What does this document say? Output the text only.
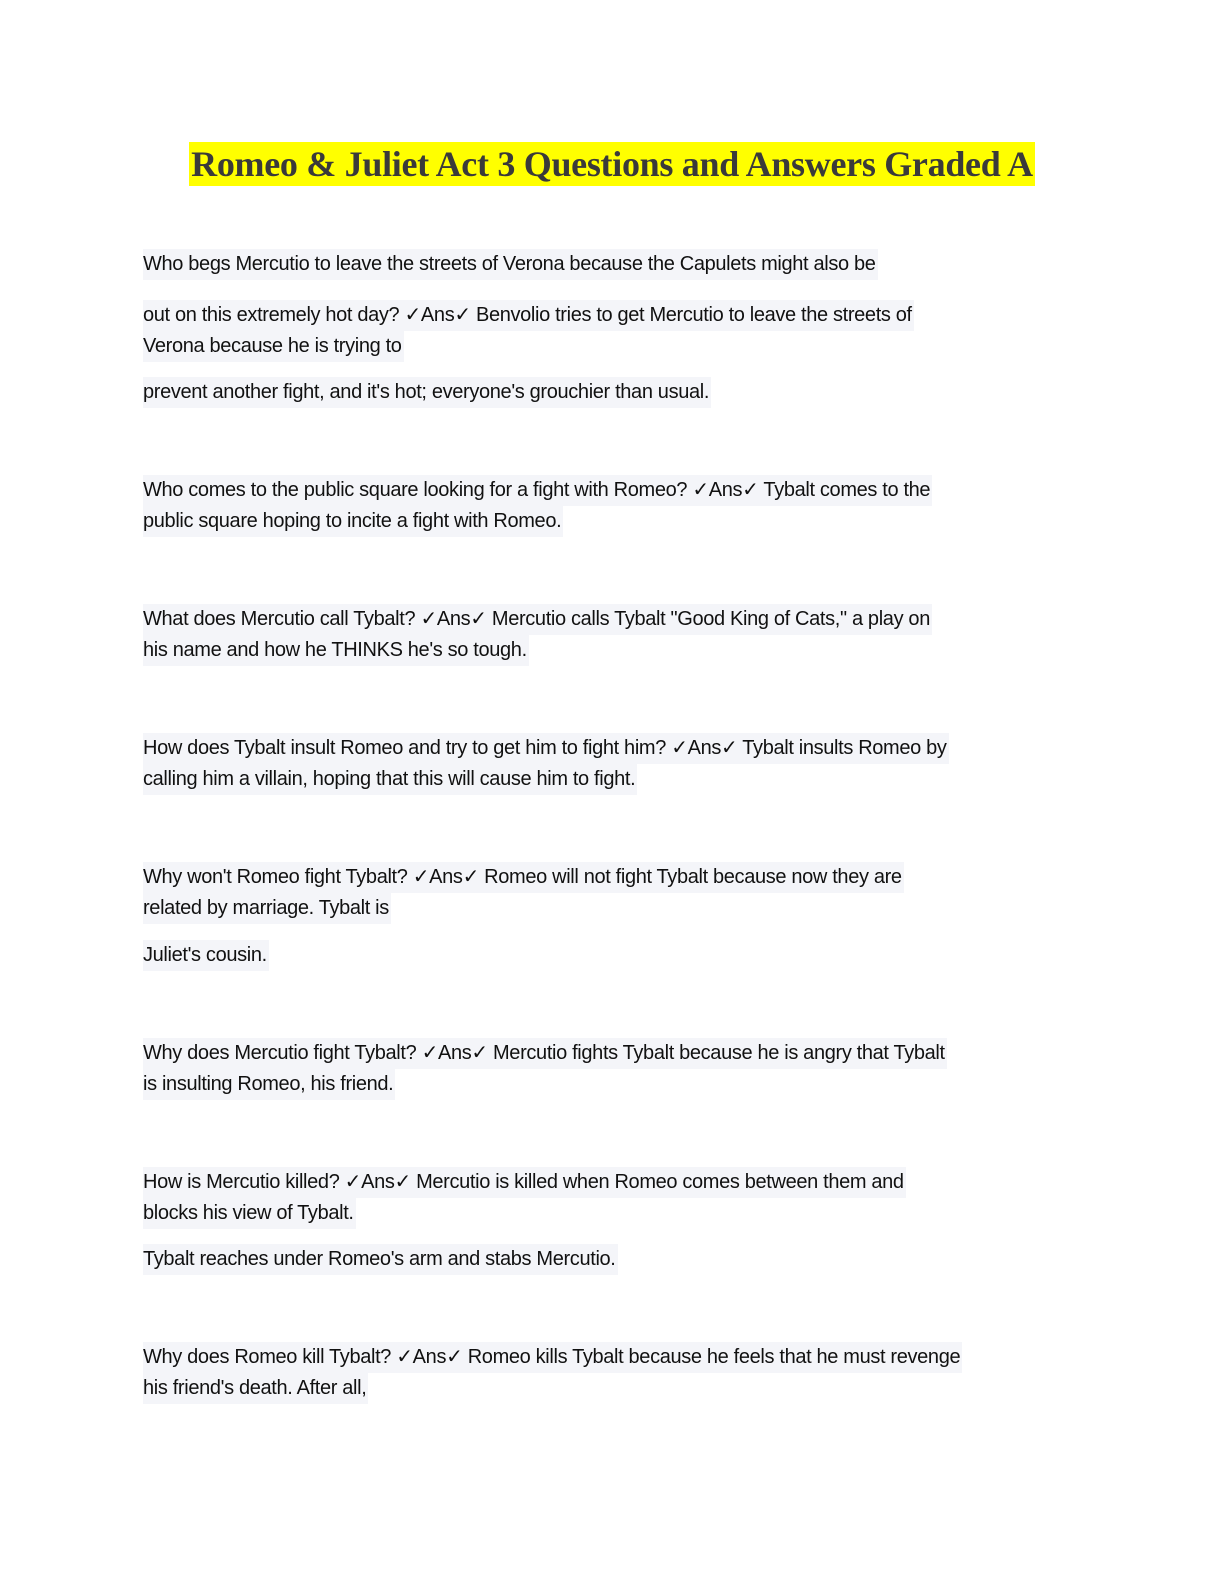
Romeo & Juliet Act 3 Questions and Answers Graded A
Who begs Mercutio to leave the streets of Verona because the Capulets might also be
out on this extremely hot day? ✓Ans✓ Benvolio tries to get Mercutio to leave the streets of
Verona because he is trying to
prevent another fight, and it's hot; everyone's grouchier than usual.
Who comes to the public square looking for a fight with Romeo? ✓Ans✓ Tybalt comes to the
public square hoping to incite a fight with Romeo.
What does Mercutio call Tybalt? ✓Ans✓ Mercutio calls Tybalt "Good King of Cats," a play on
his name and how he THINKS he's so tough.
How does Tybalt insult Romeo and try to get him to fight him? ✓Ans✓ Tybalt insults Romeo by
calling him a villain, hoping that this will cause him to fight.
Why won't Romeo fight Tybalt? ✓Ans✓ Romeo will not fight Tybalt because now they are
related by marriage. Tybalt is
Juliet's cousin.
Why does Mercutio fight Tybalt? ✓Ans✓ Mercutio fights Tybalt because he is angry that Tybalt
is insulting Romeo, his friend.
How is Mercutio killed? ✓Ans✓ Mercutio is killed when Romeo comes between them and
blocks his view of Tybalt.
Tybalt reaches under Romeo's arm and stabs Mercutio.
Why does Romeo kill Tybalt? ✓Ans✓ Romeo kills Tybalt because he feels that he must revenge
his friend's death. After all,
